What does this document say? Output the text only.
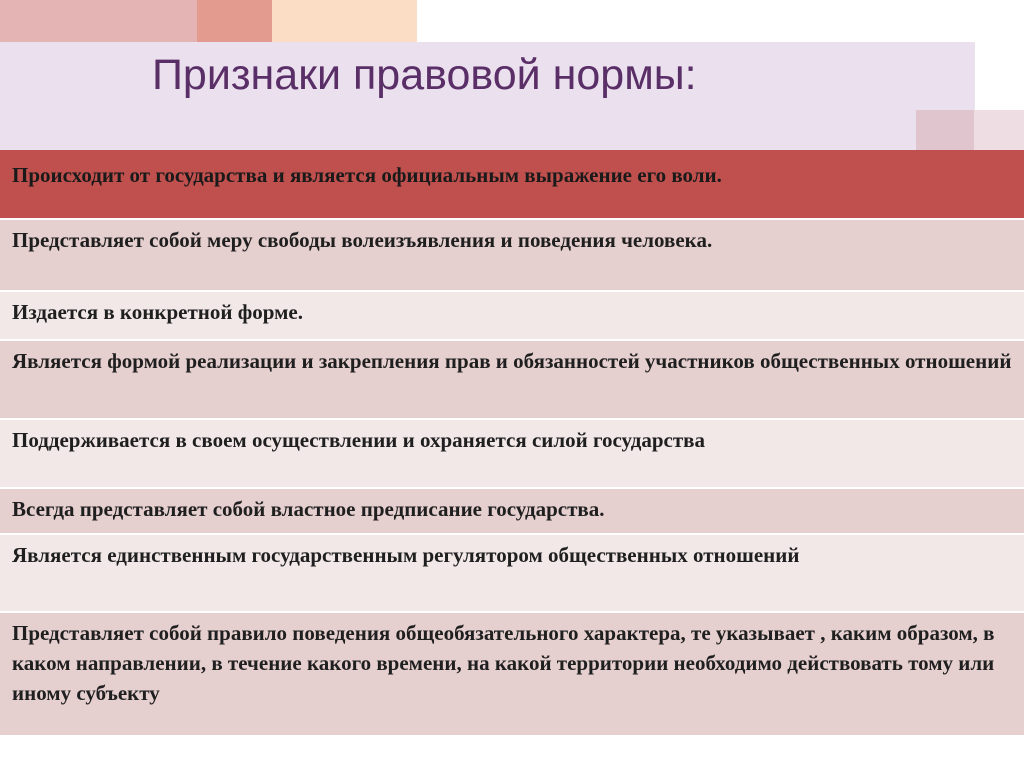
Признаки правовой нормы:
Происходит от государства и является официальным выражение его воли.
Представляет собой меру свободы волеизъявления и поведения человека.
Издается в конкретной форме.
Является формой реализации и закрепления прав и обязанностей участников общественных отношений
Поддерживается в своем осуществлении и охраняется силой государства
Всегда представляет собой властное предписание государства.
Является единственным государственным регулятором общественных отношений
Представляет собой правило поведения общеобязательного характера, те указывает , каким образом, в каком направлении, в течение какого времени, на какой территории необходимо действовать тому или иному субъекту
